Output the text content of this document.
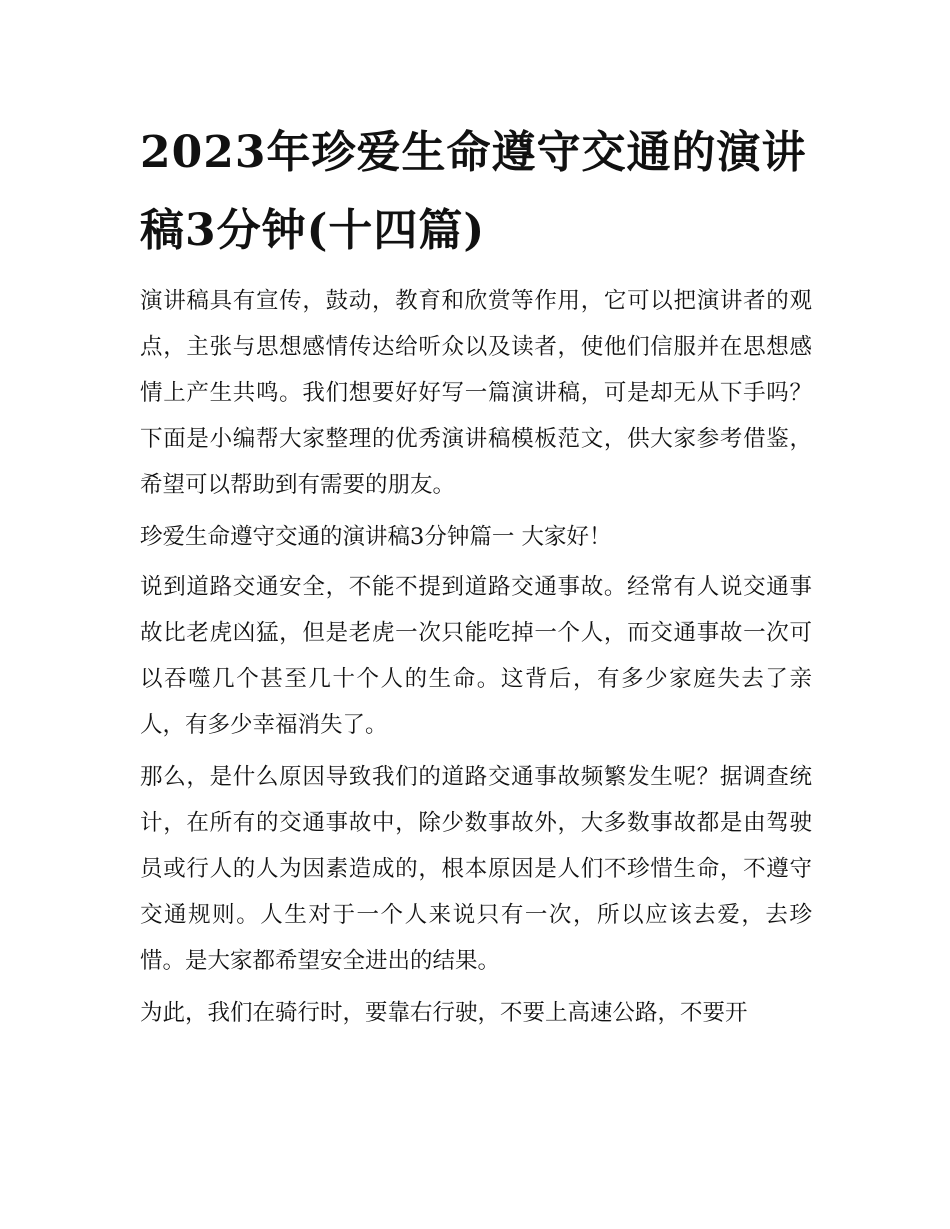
2023年珍爱生命遵守交通的演讲稿3分钟(十四篇)

演讲稿具有宣传，鼓动，教育和欣赏等作用，它可以把演讲者的观点，主张与思想感情传达给听众以及读者，使他们信服并在思想感情上产生共鸣。我们想要好好写一篇演讲稿，可是却无从下手吗？下面是小编帮大家整理的优秀演讲稿模板范文，供大家参考借鉴，希望可以帮助到有需要的朋友。

珍爱生命遵守交通的演讲稿3分钟篇一 大家好！

说到道路交通安全，不能不提到道路交通事故。经常有人说交通事故比老虎凶猛，但是老虎一次只能吃掉一个人，而交通事故一次可以吞噬几个甚至几十个人的生命。这背后，有多少家庭失去了亲人，有多少幸福消失了。

那么，是什么原因导致我们的道路交通事故频繁发生呢？据调查统计，在所有的交通事故中，除少数事故外，大多数事故都是由驾驶员或行人的人为因素造成的，根本原因是人们不珍惜生命，不遵守交通规则。人生对于一个人来说只有一次，所以应该去爱，去珍惜。是大家都希望安全进出的结果。

为此，我们在骑行时，要靠右行驶，不要上高速公路，不要开
